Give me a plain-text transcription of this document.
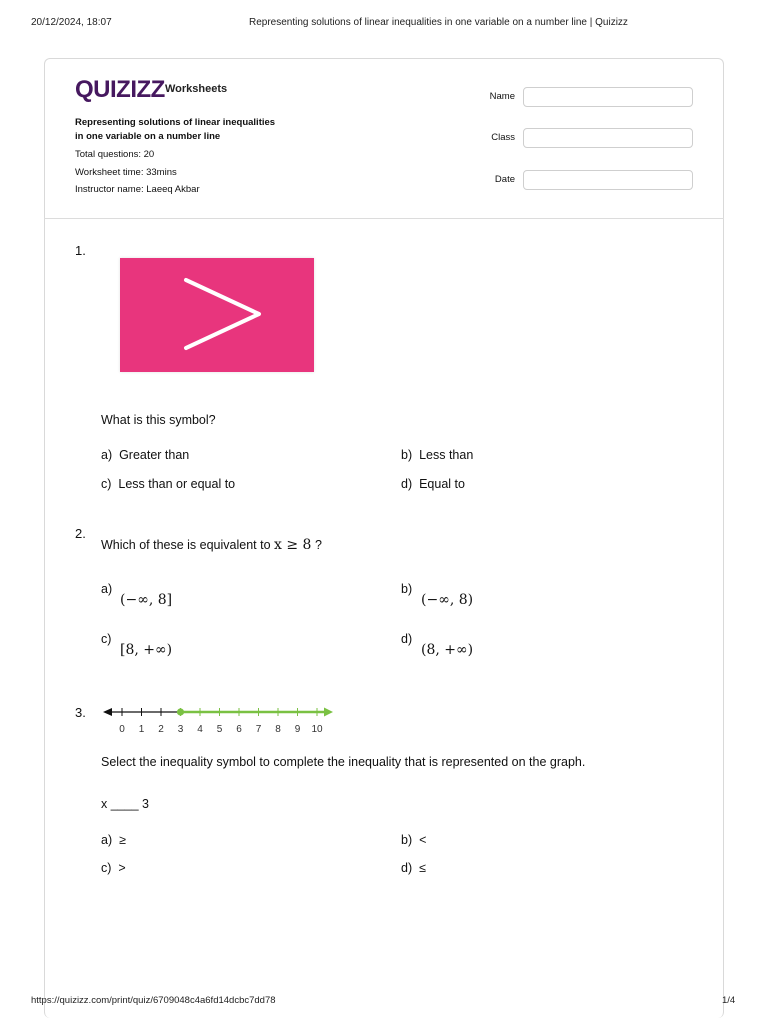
20/12/2024, 18:07	Representing solutions of linear inequalities in one variable on a number line | Quizizz
QUIZIZZ Worksheets
Representing solutions of linear inequalities
in one variable on a number line
Total questions: 20
Worksheet time: 33mins
Instructor name: Laeeq Akbar
Name
Class
Date
1.
What is this symbol?
a) Greater than	b) Less than
c) Less than or equal to	d) Equal to
2.
Which of these is equivalent to x ≥ 8 ?
a)
(−∞, 8]
b)
(−∞, 8)
c)
[8, +∞)
d)
(8, +∞)
3.
0 1 2 3 4 5 6 7 8 9 10
Select the inequality symbol to complete the inequality that is represented on the graph.
x ____ 3
a) ≥	b) <
c) >	d) ≤
https://quizizz.com/print/quiz/6709048c4a6fd14dcbc7dd78	1/4
